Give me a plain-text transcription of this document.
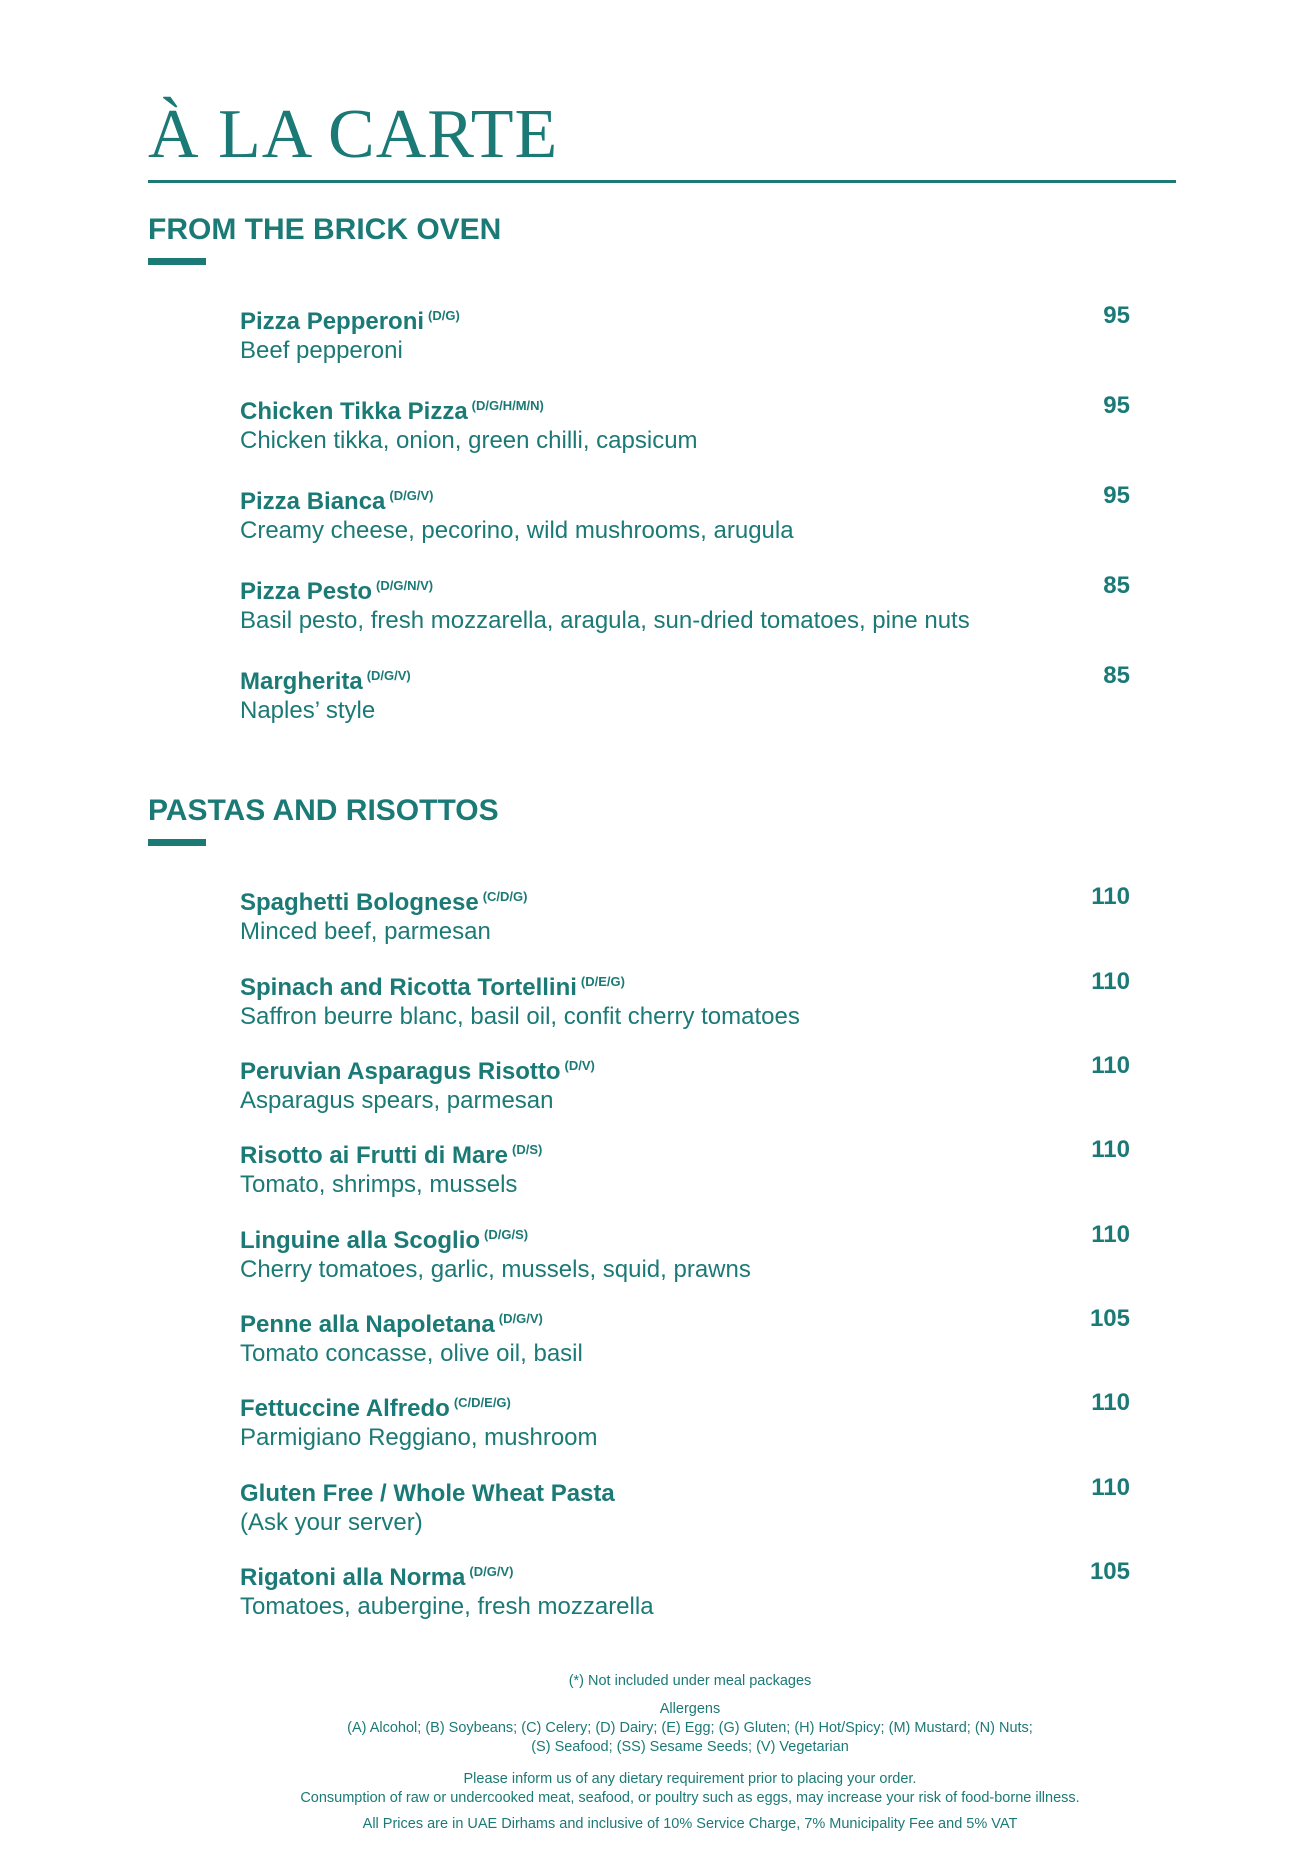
À LA CARTE
FROM THE BRICK OVEN
Pizza Pepperoni $^{(D/G)}$
Beef pepperoni
95
Chicken Tikka Pizza $^{(D/G/H/M/N)}$
Chicken tikka, onion, green chilli, capsicum
95
Pizza Bianca $^{(D/G/V)}$
Creamy cheese, pecorino, wild mushrooms, arugula
95
Pizza Pesto $^{(D/G/N/V)}$
Basil pesto, fresh mozzarella, aragula, sun-dried tomatoes, pine nuts
85
Margherita $^{(D/G/V)}$
Naples’ style
85
PASTAS AND RISOTTOS
Spaghetti Bolognese $^{(C/D/G)}$
Minced beef, parmesan
110
Spinach and Ricotta Tortellini $^{(D/E/G)}$
Saffron beurre blanc, basil oil, confit cherry tomatoes
110
Peruvian Asparagus Risotto $^{(D/V)}$
Asparagus spears, parmesan
110
Risotto ai Frutti di Mare $^{(D/S)}$
Tomato, shrimps, mussels
110
Linguine alla Scoglio $^{(D/G/S)}$
Cherry tomatoes, garlic, mussels, squid, prawns
110
Penne alla Napoletana $^{(D/G/V)}$
Tomato concasse, olive oil, basil
105
Fettuccine Alfredo $^{(C/D/E/G)}$
Parmigiano Reggiano, mushroom
110
Gluten Free / Whole Wheat Pasta
(Ask your server)
110
Rigatoni alla Norma $^{(D/G/V)}$
Tomatoes, aubergine, fresh mozzarella
105

(*) Not included under meal packages

Allergens

(A) Alcohol; (B) Soybeans; (C) Celery; (D) Dairy; (E) Egg; (G) Gluten; (H) Hot/Spicy; (M) Mustard; (N) Nuts;

(S) Seafood; (SS) Sesame Seeds; (V) Vegetarian

Please inform us of any dietary requirement prior to placing your order.

Consumption of raw or undercooked meat, seafood, or poultry such as eggs, may increase your risk of food-borne illness.

All Prices are in UAE Dirhams and inclusive of 10% Service Charge, 7% Municipality Fee and 5% VAT
